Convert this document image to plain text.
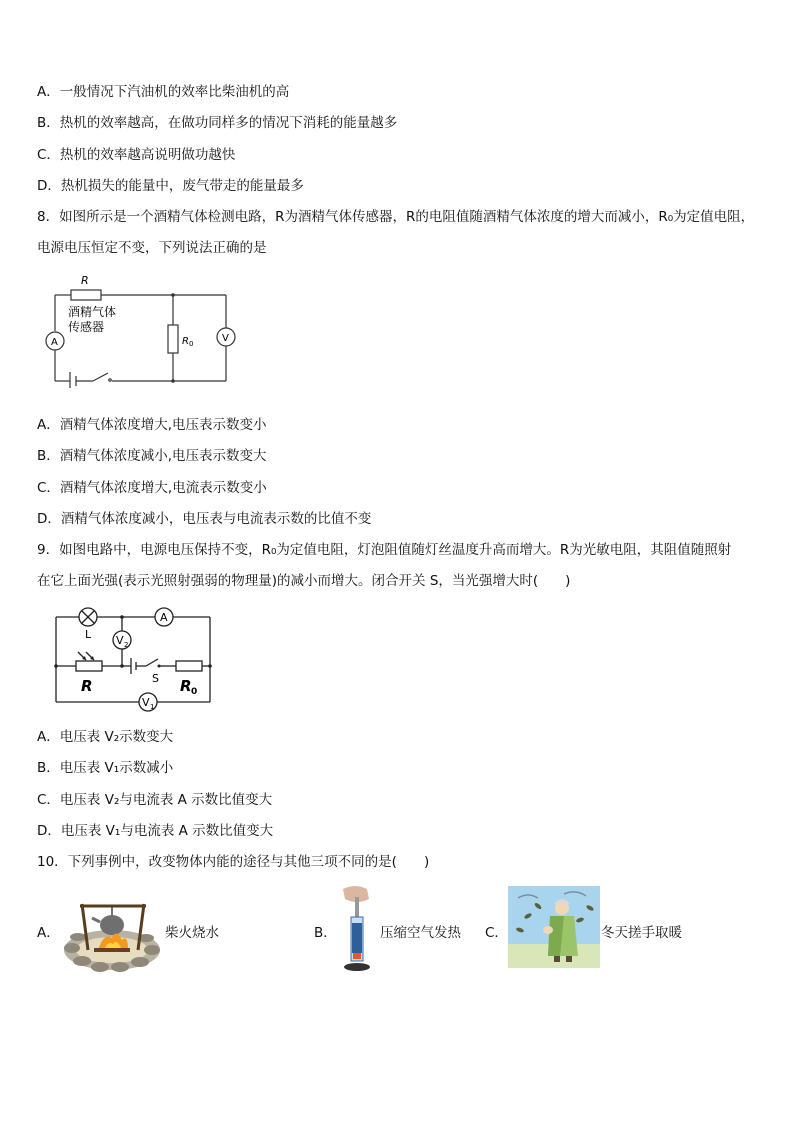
A．一般情况下汽油机的效率比柴油机的高
B．热机的效率越高，在做功同样多的情况下消耗的能量越多
C．热机的效率越高说明做功越快
D．热机损失的能量中，废气带走的能量最多
8．如图所示是一个酒精气体检测电路，R为酒精气体传感器，R的电阻值随酒精气体浓度的增大而减小，R₀为定值电阻，
电源电压恒定不变，下列说法正确的是
R
酒精气体
传感器
R 0
A	V
A．酒精气体浓度增大,电压表示数变小
B．酒精气体浓度减小,电压表示数变大
C．酒精气体浓度增大,电流表示数变小
D．酒精气体浓度减小，电压表与电流表示数的比值不变
9．如图电路中，电源电压保持不变，R₀为定值电阻，灯泡阻值随灯丝温度升高而增大。R为光敏电阻，其阻值随照射
在它上面光强(表示光照射强弱的物理量)的减小而增大。闭合开关 S，当光强增大时(　　)
L
A
V 2
V 1
S
R	R 0
A．电压表 V₂示数变大
B．电压表 V₁示数减小
C．电压表 V₂与电流表 A 示数比值变大
D．电压表 V₁与电流表 A 示数比值变大
10．下列事例中，改变物体内能的途径与其他三项不同的是(　　)
A．	柴火烧水	B．	压缩空气发热 C．	冬天搓手取暖
